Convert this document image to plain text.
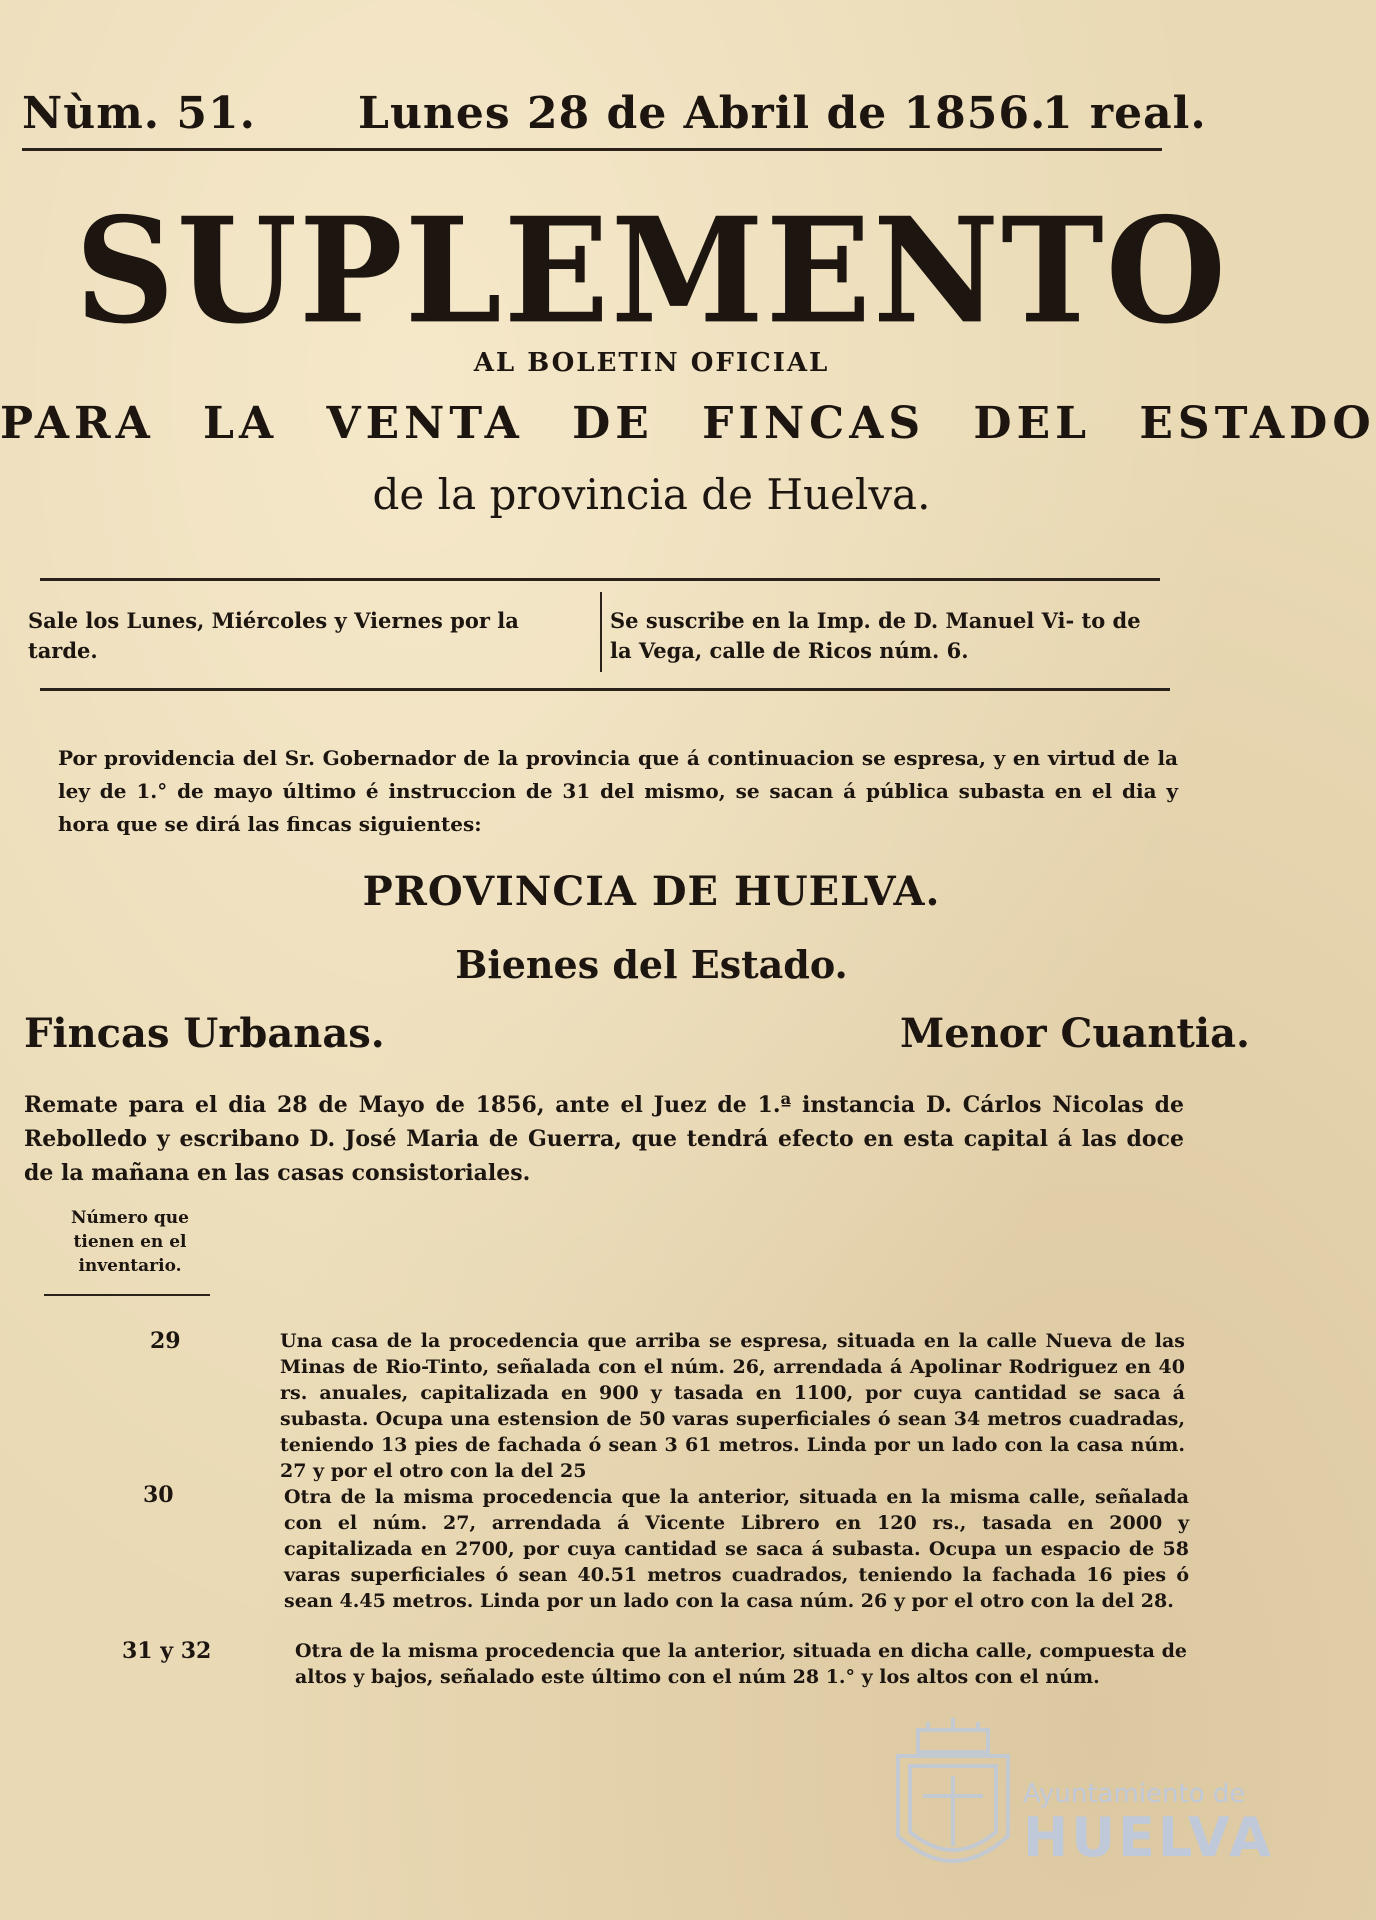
Nùm. 51. Lunes 28 de Abril de 1856.
1 real.
SUPLEMENTO
AL BOLETIN OFICIAL
PARA LA VENTA DE FINCAS DEL ESTADO
de la provincia de Huelva.
Sale los Lunes, Miércoles y Viernes por la tarde.
Se suscribe en la Imp. de D. Manuel Vi- to de la Vega, calle de Ricos núm. 6.
Por providencia del Sr. Gobernador de la provincia que á continuacion se espresa, y en virtud de la ley de 1.° de mayo último é instruccion de 31 del mismo, se sacan á pública subasta en el dia y hora que se dirá las fincas siguientes:
PROVINCIA DE HUELVA.
Bienes del Estado.
Fincas Urbanas.	Menor Cuantia.
Remate para el dia 28 de Mayo de 1856, ante el Juez de 1.ª instancia D. Cárlos Nicolas de Rebolledo y escribano D. José Maria de Guerra, que tendrá efecto en esta capital á las doce de la mañana en las casas consistoriales.
Número que tienen en el inventario.
29	Una casa de la procedencia que arriba se espresa, situada en la calle Nueva de las Minas de Rio-Tinto, señalada con el núm. 26, arrendada á Apolinar Rodriguez en 40 rs. anuales, capitalizada en 900 y tasada en 1100, por cuya cantidad se saca á subasta. Ocupa una estension de 50 varas superficiales ó sean 34 metros cuadradas, teniendo 13 pies de fachada ó sean 3 61 metros. Linda por un lado con la casa núm. 27 y por el otro con la del 25
30	Otra de la misma procedencia que la anterior, situada en la misma calle, señalada con el núm. 27, arrendada á Vicente Librero en 120 rs., tasada en 2000 y capitalizada en 2700, por cuya cantidad se saca á subasta. Ocupa un espacio de 58 varas superficiales ó sean 40.51 metros cuadrados, teniendo la fachada 16 pies ó sean 4.45 metros. Linda por un lado con la casa núm. 26 y por el otro con la del 28.
31 y 32	Otra de la misma procedencia que la anterior, situada en dicha calle, compuesta de altos y bajos, señalado este último con el núm 28 1.° y los altos con el núm.
Ayuntamiento de
HUELVA
